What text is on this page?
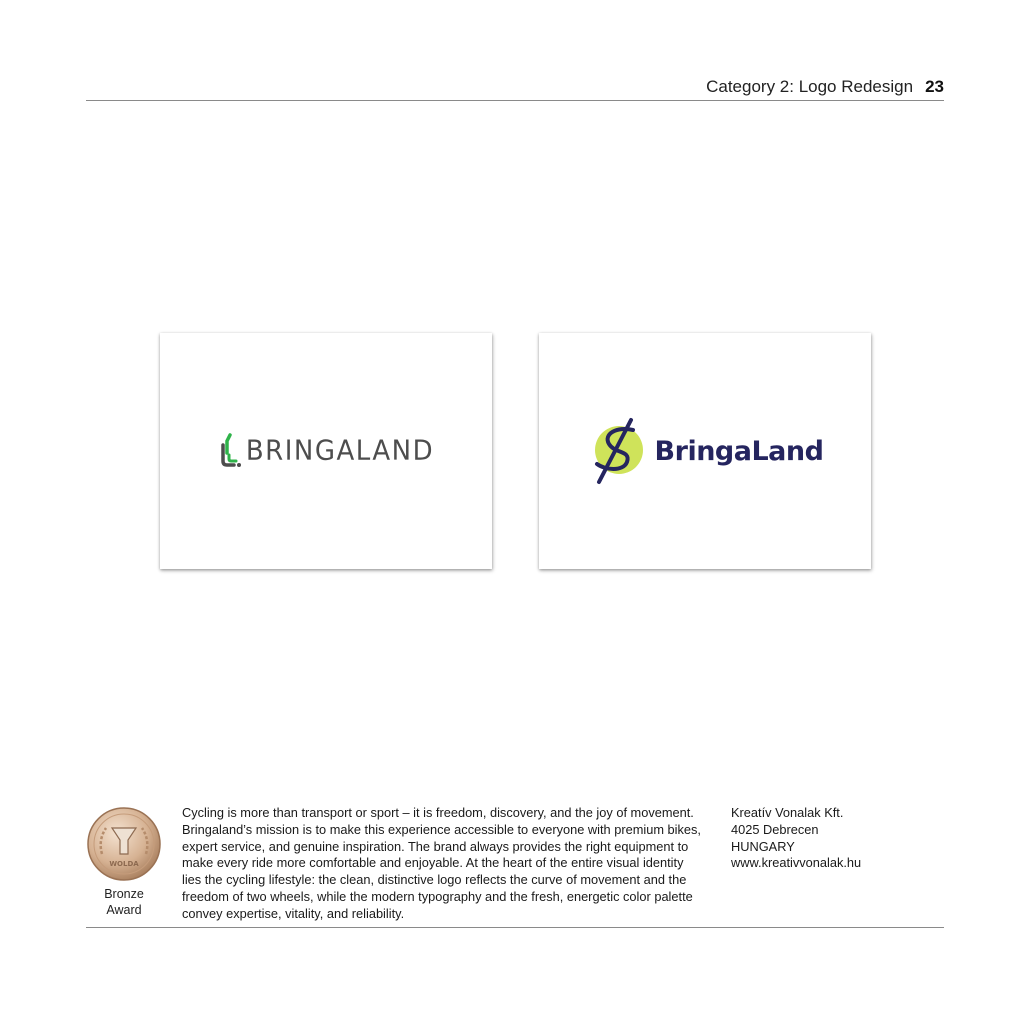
Category 2: Logo Redesign 23
BRINGALAND	BringaLand
WOLDA
Bronze
Award
Cycling is more than transport or sport – it is freedom, discovery, and the joy of movement. Bringaland’s mission is to make this experience accessible to everyone with premium bikes, expert service, and genuine inspiration. The brand always provides the right equipment to make every ride more comfortable and enjoyable. At the heart of the entire visual identity lies the cycling lifestyle: the clean, distinctive logo reflects the curve of movement and the freedom of two wheels, while the modern typography and the fresh, energetic color palette convey expertise, vitality, and reliability.
Kreatív Vonalak Kft.
4025 Debrecen
HUNGARY
www.kreativvonalak.hu
